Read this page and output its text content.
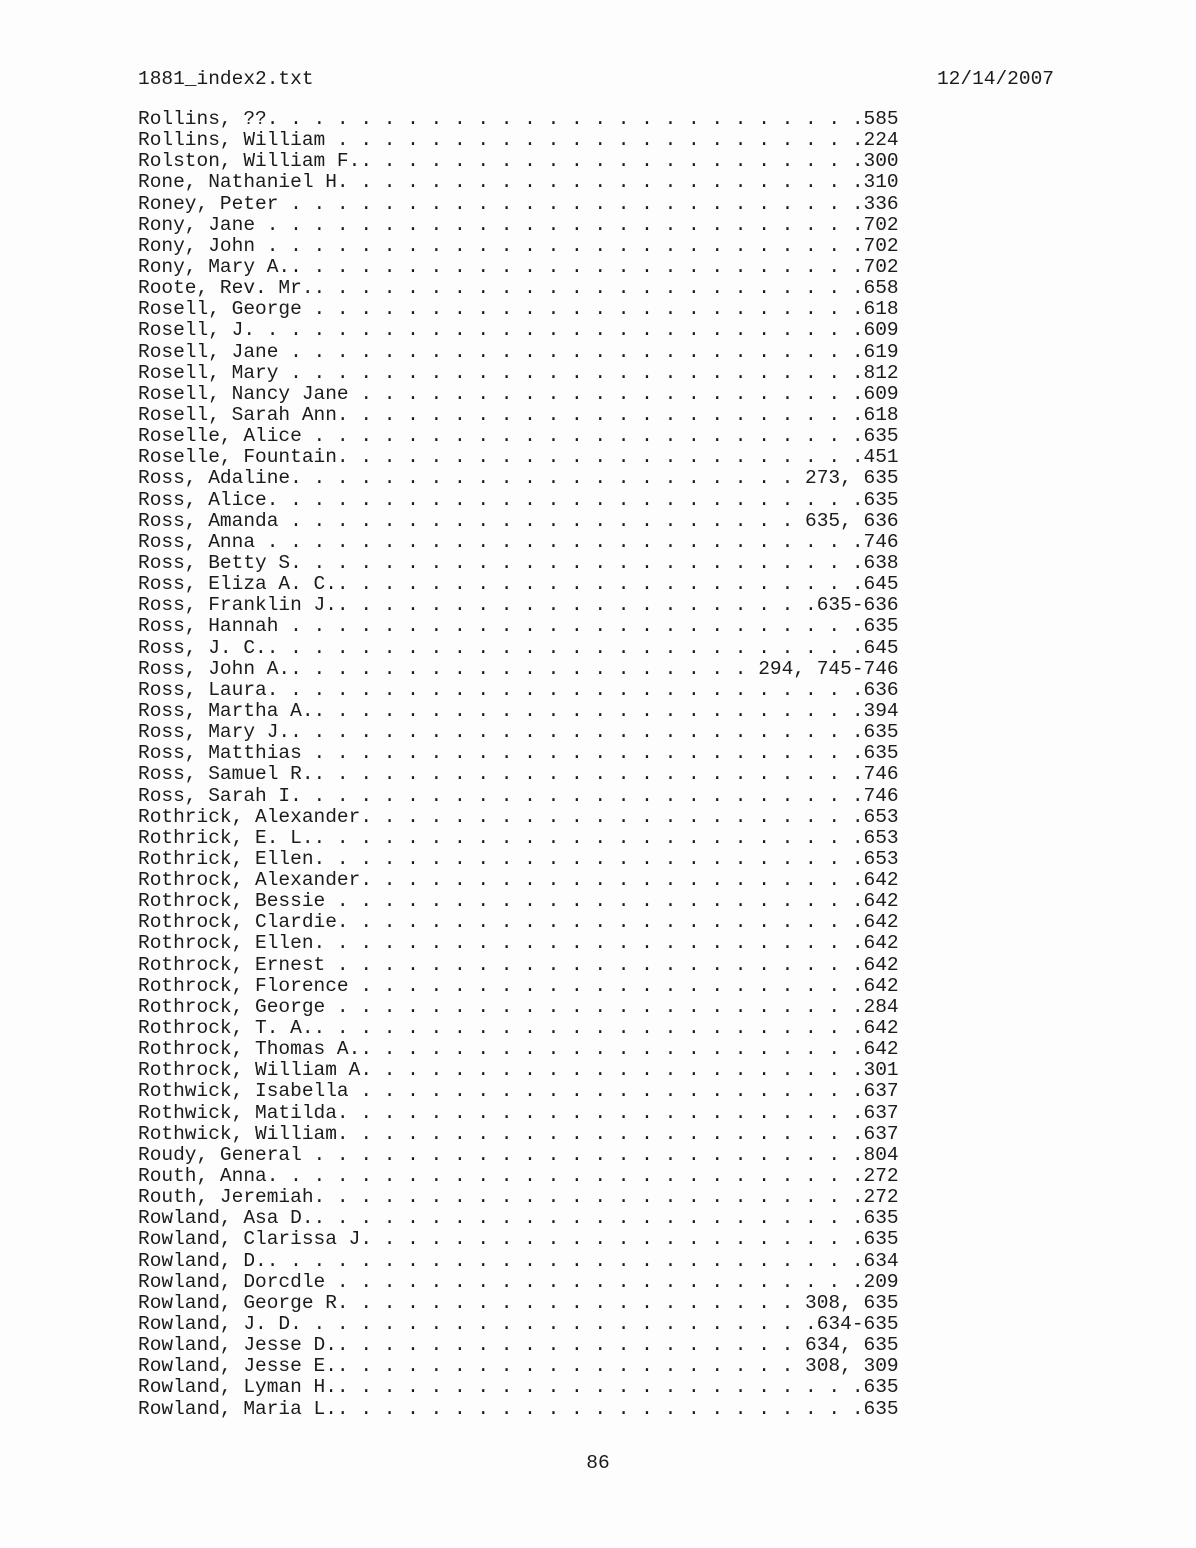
1881_index2.txt	12/14/2007
Rollins, ??. . . . . . . . . . . . . . . . . . . . . . . . . .585
Rollins, William . . . . . . . . . . . . . . . . . . . . . . .224
Rolston, William F.. . . . . . . . . . . . . . . . . . . . . .300
Rone, Nathaniel H. . . . . . . . . . . . . . . . . . . . . . .310
Roney, Peter . . . . . . . . . . . . . . . . . . . . . . . . .336
Rony, Jane . . . . . . . . . . . . . . . . . . . . . . . . . .702
Rony, John . . . . . . . . . . . . . . . . . . . . . . . . . .702
Rony, Mary A.. . . . . . . . . . . . . . . . . . . . . . . . .702
Roote, Rev. Mr.. . . . . . . . . . . . . . . . . . . . . . . .658
Rosell, George . . . . . . . . . . . . . . . . . . . . . . . .618
Rosell, J. . . . . . . . . . . . . . . . . . . . . . . . . . .609
Rosell, Jane . . . . . . . . . . . . . . . . . . . . . . . . .619
Rosell, Mary . . . . . . . . . . . . . . . . . . . . . . . . .812
Rosell, Nancy Jane . . . . . . . . . . . . . . . . . . . . . .609
Rosell, Sarah Ann. . . . . . . . . . . . . . . . . . . . . . .618
Roselle, Alice . . . . . . . . . . . . . . . . . . . . . . . .635
Roselle, Fountain. . . . . . . . . . . . . . . . . . . . . . .451
Ross, Adaline. . . . . . . . . . . . . . . . . . . . . . 273, 635
Ross, Alice. . . . . . . . . . . . . . . . . . . . . . . . . .635
Ross, Amanda . . . . . . . . . . . . . . . . . . . . . . 635, 636
Ross, Anna . . . . . . . . . . . . . . . . . . . . . . . . . .746
Ross, Betty S. . . . . . . . . . . . . . . . . . . . . . . . .638
Ross, Eliza A. C.. . . . . . . . . . . . . . . . . . . . . . .645
Ross, Franklin J.. . . . . . . . . . . . . . . . . . . . .635-636
Ross, Hannah . . . . . . . . . . . . . . . . . . . . . . . . .635
Ross, J. C.. . . . . . . . . . . . . . . . . . . . . . . . . .645
Ross, John A.. . . . . . . . . . . . . . . . . . . . 294, 745-746
Ross, Laura. . . . . . . . . . . . . . . . . . . . . . . . . .636
Ross, Martha A.. . . . . . . . . . . . . . . . . . . . . . . .394
Ross, Mary J.. . . . . . . . . . . . . . . . . . . . . . . . .635
Ross, Matthias . . . . . . . . . . . . . . . . . . . . . . . .635
Ross, Samuel R.. . . . . . . . . . . . . . . . . . . . . . . .746
Ross, Sarah I. . . . . . . . . . . . . . . . . . . . . . . . .746
Rothrick, Alexander. . . . . . . . . . . . . . . . . . . . . .653
Rothrick, E. L.. . . . . . . . . . . . . . . . . . . . . . . .653
Rothrick, Ellen. . . . . . . . . . . . . . . . . . . . . . . .653
Rothrock, Alexander. . . . . . . . . . . . . . . . . . . . . .642
Rothrock, Bessie . . . . . . . . . . . . . . . . . . . . . . .642
Rothrock, Clardie. . . . . . . . . . . . . . . . . . . . . . .642
Rothrock, Ellen. . . . . . . . . . . . . . . . . . . . . . . .642
Rothrock, Ernest . . . . . . . . . . . . . . . . . . . . . . .642
Rothrock, Florence . . . . . . . . . . . . . . . . . . . . . .642
Rothrock, George . . . . . . . . . . . . . . . . . . . . . . .284
Rothrock, T. A.. . . . . . . . . . . . . . . . . . . . . . . .642
Rothrock, Thomas A.. . . . . . . . . . . . . . . . . . . . . .642
Rothrock, William A. . . . . . . . . . . . . . . . . . . . . .301
Rothwick, Isabella . . . . . . . . . . . . . . . . . . . . . .637
Rothwick, Matilda. . . . . . . . . . . . . . . . . . . . . . .637
Rothwick, William. . . . . . . . . . . . . . . . . . . . . . .637
Roudy, General . . . . . . . . . . . . . . . . . . . . . . . .804
Routh, Anna. . . . . . . . . . . . . . . . . . . . . . . . . .272
Routh, Jeremiah. . . . . . . . . . . . . . . . . . . . . . . .272
Rowland, Asa D.. . . . . . . . . . . . . . . . . . . . . . . .635
Rowland, Clarissa J. . . . . . . . . . . . . . . . . . . . . .635
Rowland, D.. . . . . . . . . . . . . . . . . . . . . . . . . .634
Rowland, Dorcdle . . . . . . . . . . . . . . . . . . . . . . .209
Rowland, George R. . . . . . . . . . . . . . . . . . . . 308, 635
Rowland, J. D. . . . . . . . . . . . . . . . . . . . . . .634-635
Rowland, Jesse D.. . . . . . . . . . . . . . . . . . . . 634, 635
Rowland, Jesse E.. . . . . . . . . . . . . . . . . . . . 308, 309
Rowland, Lyman H.. . . . . . . . . . . . . . . . . . . . . . .635
Rowland, Maria L.. . . . . . . . . . . . . . . . . . . . . . .635
86
